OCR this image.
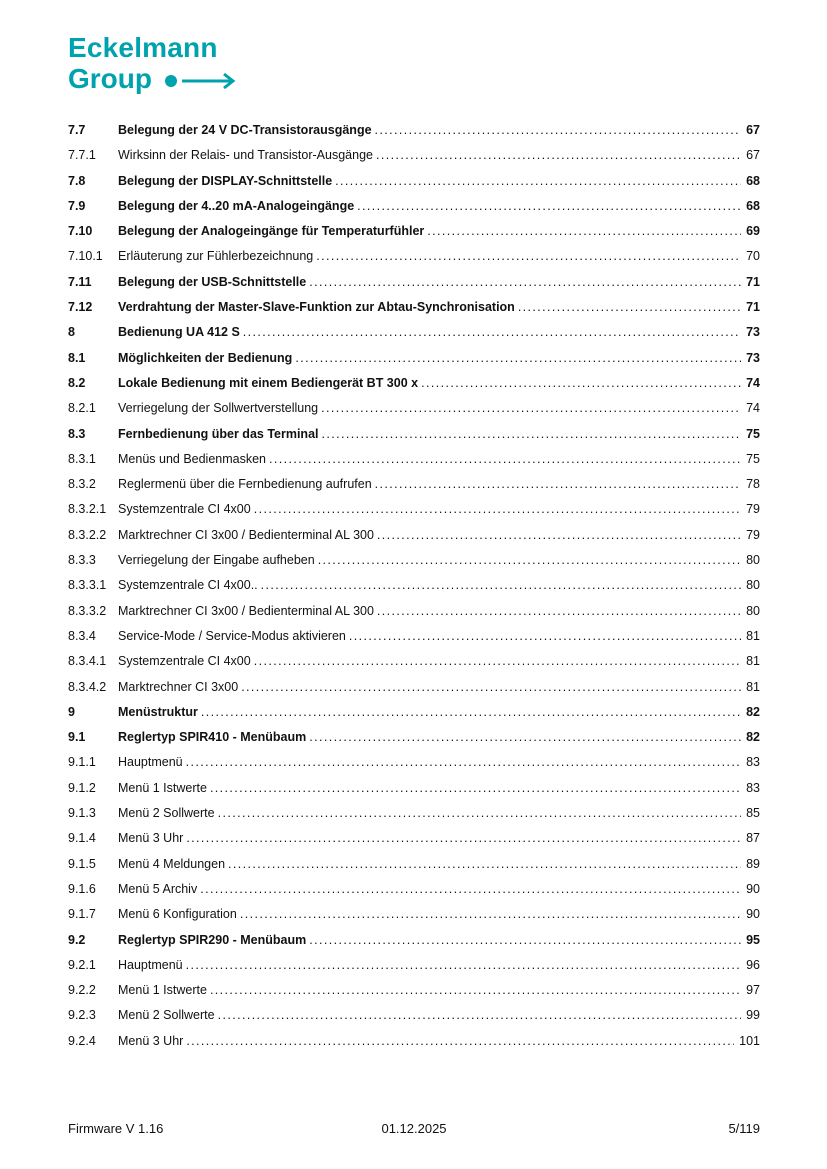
Eckelmann
Group
7.7	Belegung der 24 V DC-Transistorausgänge .....	67
7.7.1	Wirksinn der Relais- und Transistor-Ausgänge .....	67
7.8	Belegung der DISPLAY-Schnittstelle .....	68
7.9	Belegung der 4..20 mA-Analogeingänge .....	68
7.10	Belegung der Analogeingänge für Temperaturfühler .....	69
7.10.1	Erläuterung zur Fühlerbezeichnung .....	70
7.11	Belegung der USB-Schnittstelle .....	71
7.12	Verdrahtung der Master-Slave-Funktion zur Abtau-Synchronisation .....	71
8	Bedienung UA 412 S .....	73
8.1	Möglichkeiten der Bedienung .....	73
8.2	Lokale Bedienung mit einem Bediengerät BT 300 x .....	74
8.2.1	Verriegelung der Sollwertverstellung .....	74
8.3	Fernbedienung über das Terminal .....	75
8.3.1	Menüs und Bedienmasken .....	75
8.3.2	Reglermenü über die Fernbedienung aufrufen .....	78
8.3.2.1 Systemzentrale CI 4x00 .....	79
8.3.2.2 Marktrechner CI 3x00 / Bedienterminal AL 300 .....	79
8.3.3	Verriegelung der Eingabe aufheben .....	80
8.3.3.1 Systemzentrale CI 4x00.. .....	80
8.3.3.2 Marktrechner CI 3x00 / Bedienterminal AL 300 .....	80
8.3.4	Service-Mode / Service-Modus aktivieren .....	81
8.3.4.1 Systemzentrale CI 4x00 .....	81
8.3.4.2 Marktrechner CI 3x00 .....	81
9	Menüstruktur .....	82
9.1	Reglertyp SPIR410 - Menübaum .....	82
9.1.1	Hauptmenü .....	83
9.1.2	Menü 1 Istwerte .....	83
9.1.3	Menü 2 Sollwerte .....	85
9.1.4	Menü 3 Uhr .....	87
9.1.5	Menü 4 Meldungen .....	89
9.1.6	Menü 5 Archiv .....	90
9.1.7	Menü 6 Konfiguration .....	90
9.2	Reglertyp SPIR290 - Menübaum .....	95
9.2.1	Hauptmenü .....	96
9.2.2	Menü 1 Istwerte .....	97
9.2.3	Menü 2 Sollwerte .....	99
9.2.4	Menü 3 Uhr .....	101
Firmware V 1.16	01.12.2025	5/119
